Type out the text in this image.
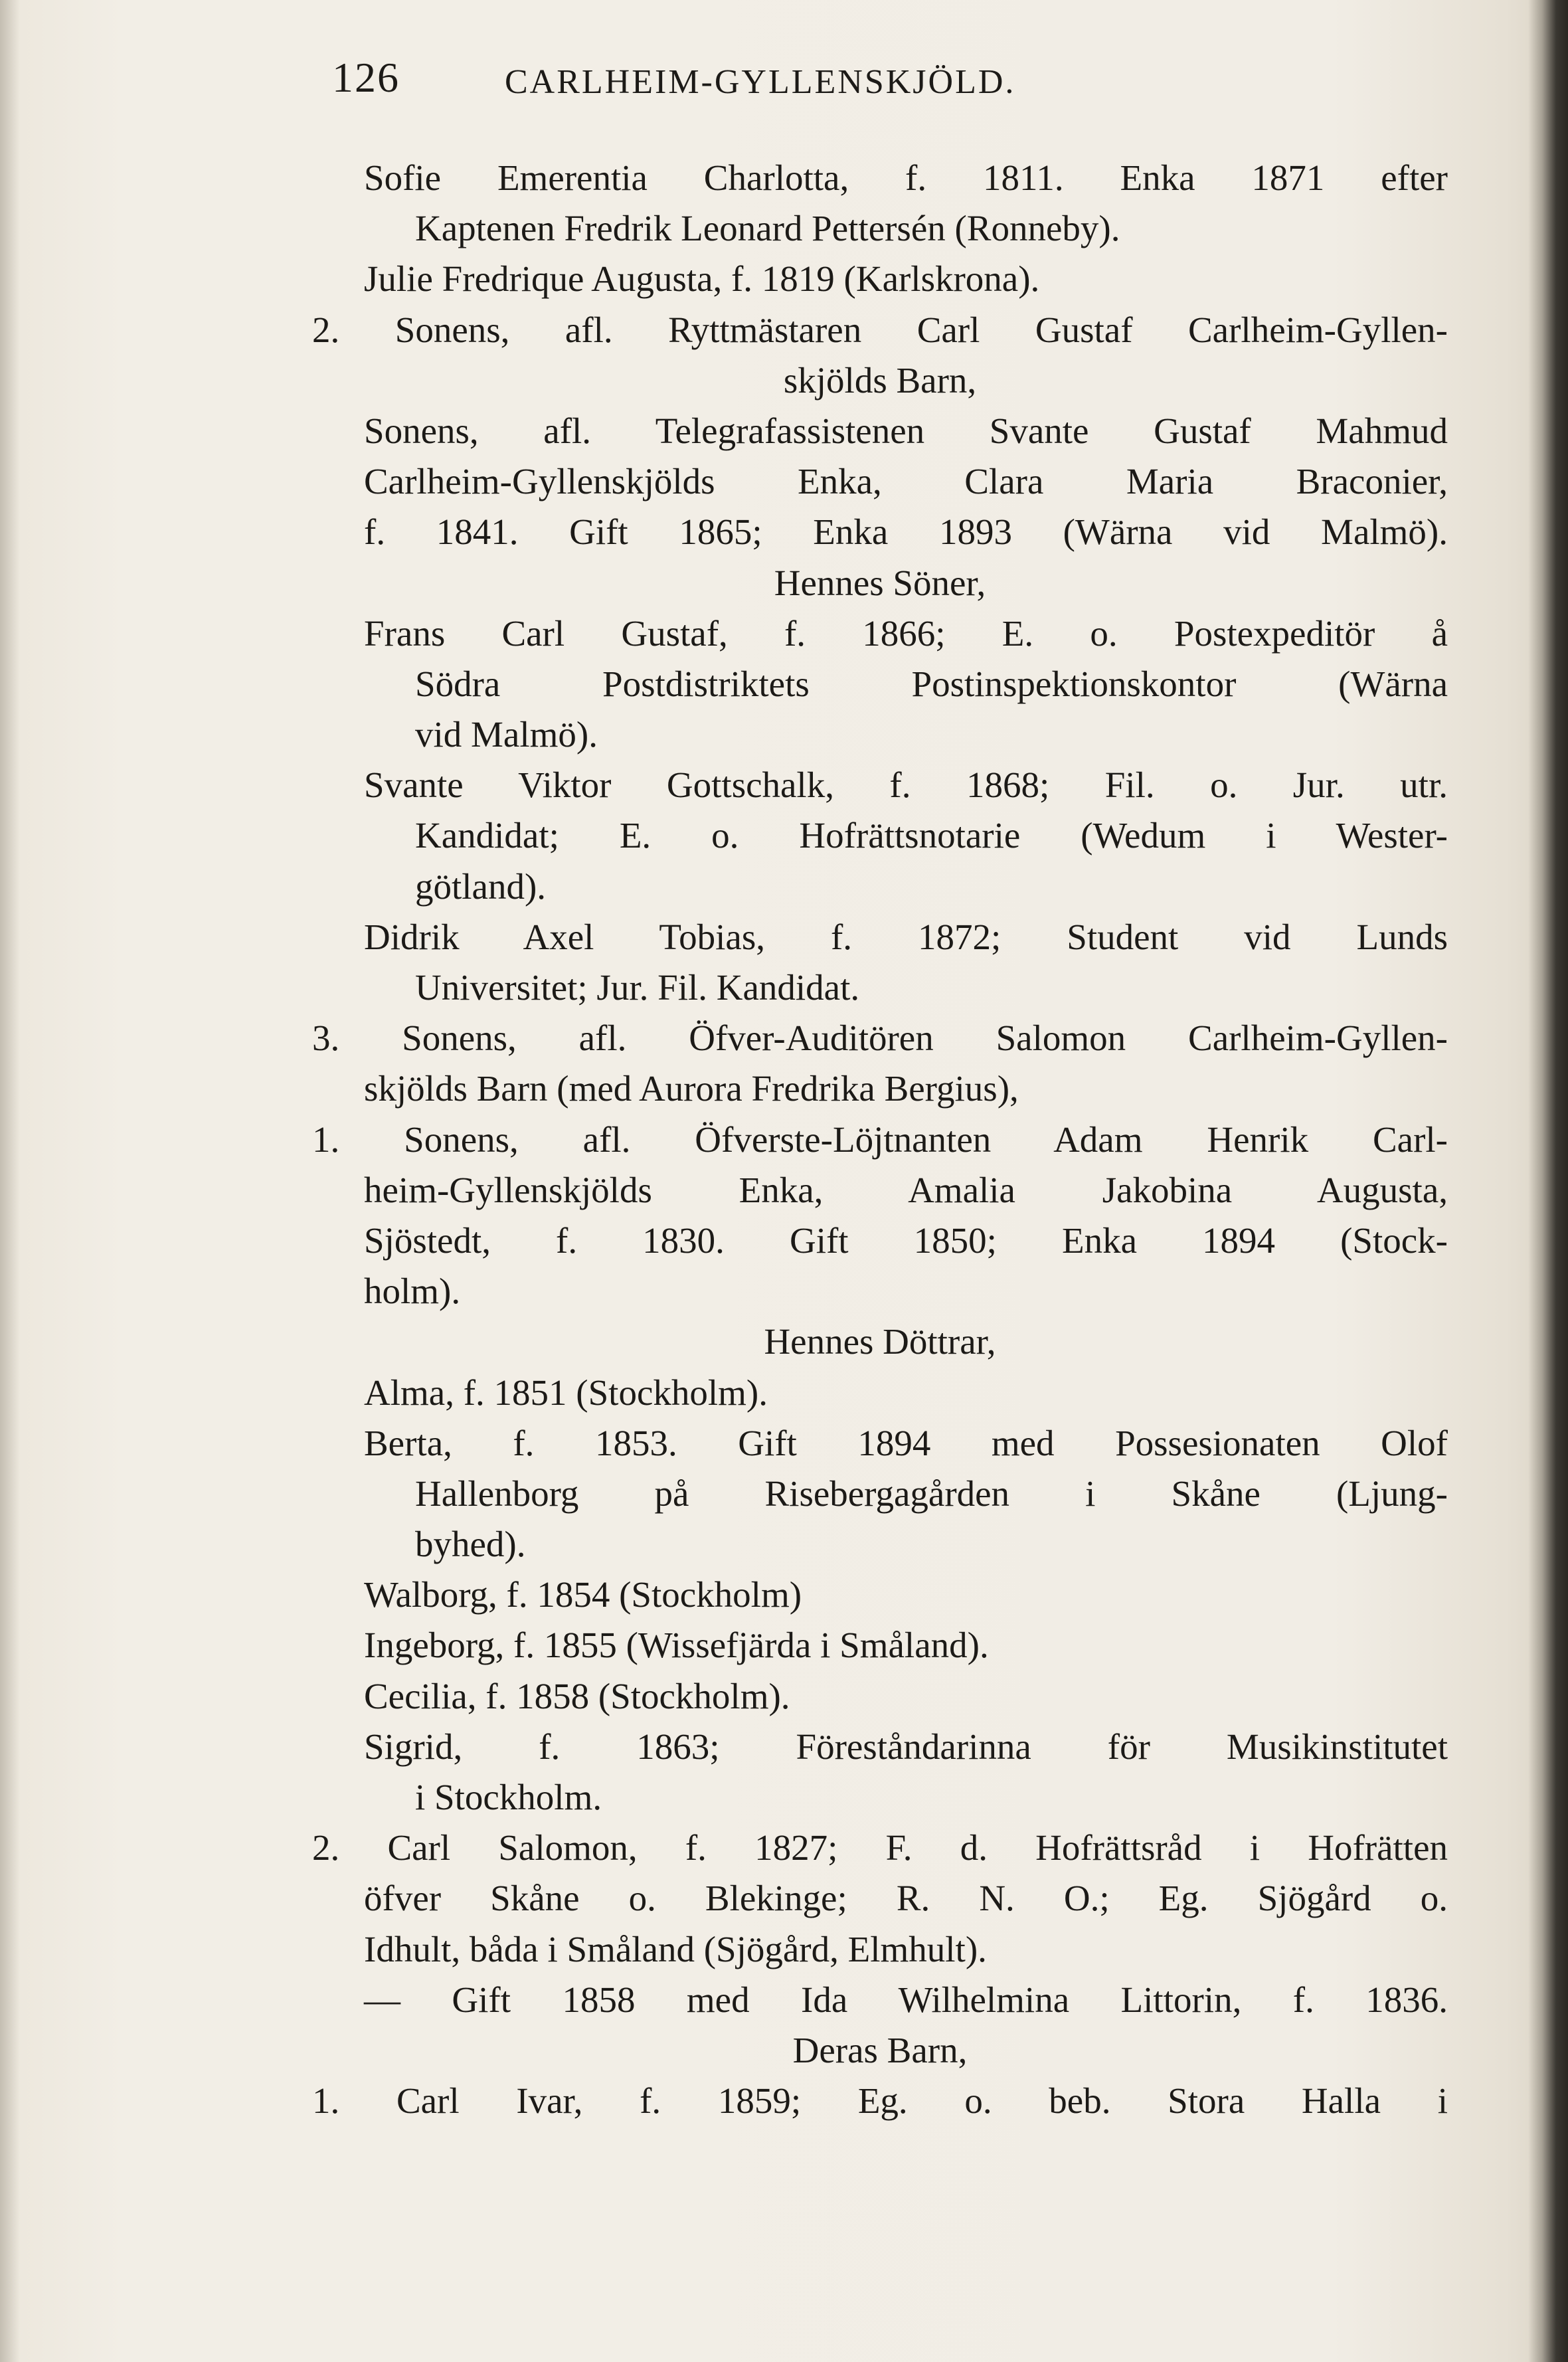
126	CARLHEIM-GYLLENSKJÖLD.
Sofie Emerentia Charlotta, f. 1811. Enka 1871 efter
Kaptenen Fredrik Leonard Pettersén (Ronneby).
Julie Fredrique Augusta, f. 1819 (Karlskrona).
2. Sonens, afl. Ryttmästaren Carl Gustaf Carlheim-Gyllen-
skjölds Barn,
Sonens, afl. Telegrafassistenen Svante Gustaf Mahmud
Carlheim-Gyllenskjölds Enka, Clara Maria Braconier,
f. 1841. Gift 1865; Enka 1893 (Wärna vid Malmö).
Hennes Söner,
Frans Carl Gustaf, f. 1866; E. o. Postexpeditör å
Södra Postdistriktets Postinspektionskontor (Wärna
vid Malmö).
Svante Viktor Gottschalk, f. 1868; Fil. o. Jur. utr.
Kandidat; E. o. Hofrättsnotarie (Wedum i Wester-
götland).
Didrik Axel Tobias, f. 1872; Student vid Lunds
Universitet; Jur. Fil. Kandidat.
3. Sonens, afl. Öfver-Auditören Salomon Carlheim-Gyllen-
skjölds Barn (med Aurora Fredrika Bergius),
1. Sonens, afl. Öfverste-Löjtnanten Adam Henrik Carl-
heim-Gyllenskjölds Enka, Amalia Jakobina Augusta,
Sjöstedt, f. 1830. Gift 1850; Enka 1894 (Stock-
holm).
Hennes Döttrar,
Alma, f. 1851 (Stockholm).
Berta, f. 1853. Gift 1894 med Possesionaten Olof
Hallenborg på Risebergagården i Skåne (Ljung-
byhed).
Walborg, f. 1854 (Stockholm)
Ingeborg, f. 1855 (Wissefjärda i Småland).
Cecilia, f. 1858 (Stockholm).
Sigrid, f. 1863; Föreståndarinna för Musikinstitutet
i Stockholm.
2. Carl Salomon, f. 1827; F. d. Hofrättsråd i Hofrätten
öfver Skåne o. Blekinge; R. N. O.; Eg. Sjögård o.
Idhult, båda i Småland (Sjögård, Elmhult).
— Gift 1858 med Ida Wilhelmina Littorin, f. 1836.
Deras Barn,
1. Carl Ivar, f. 1859; Eg. o. beb. Stora Halla i
